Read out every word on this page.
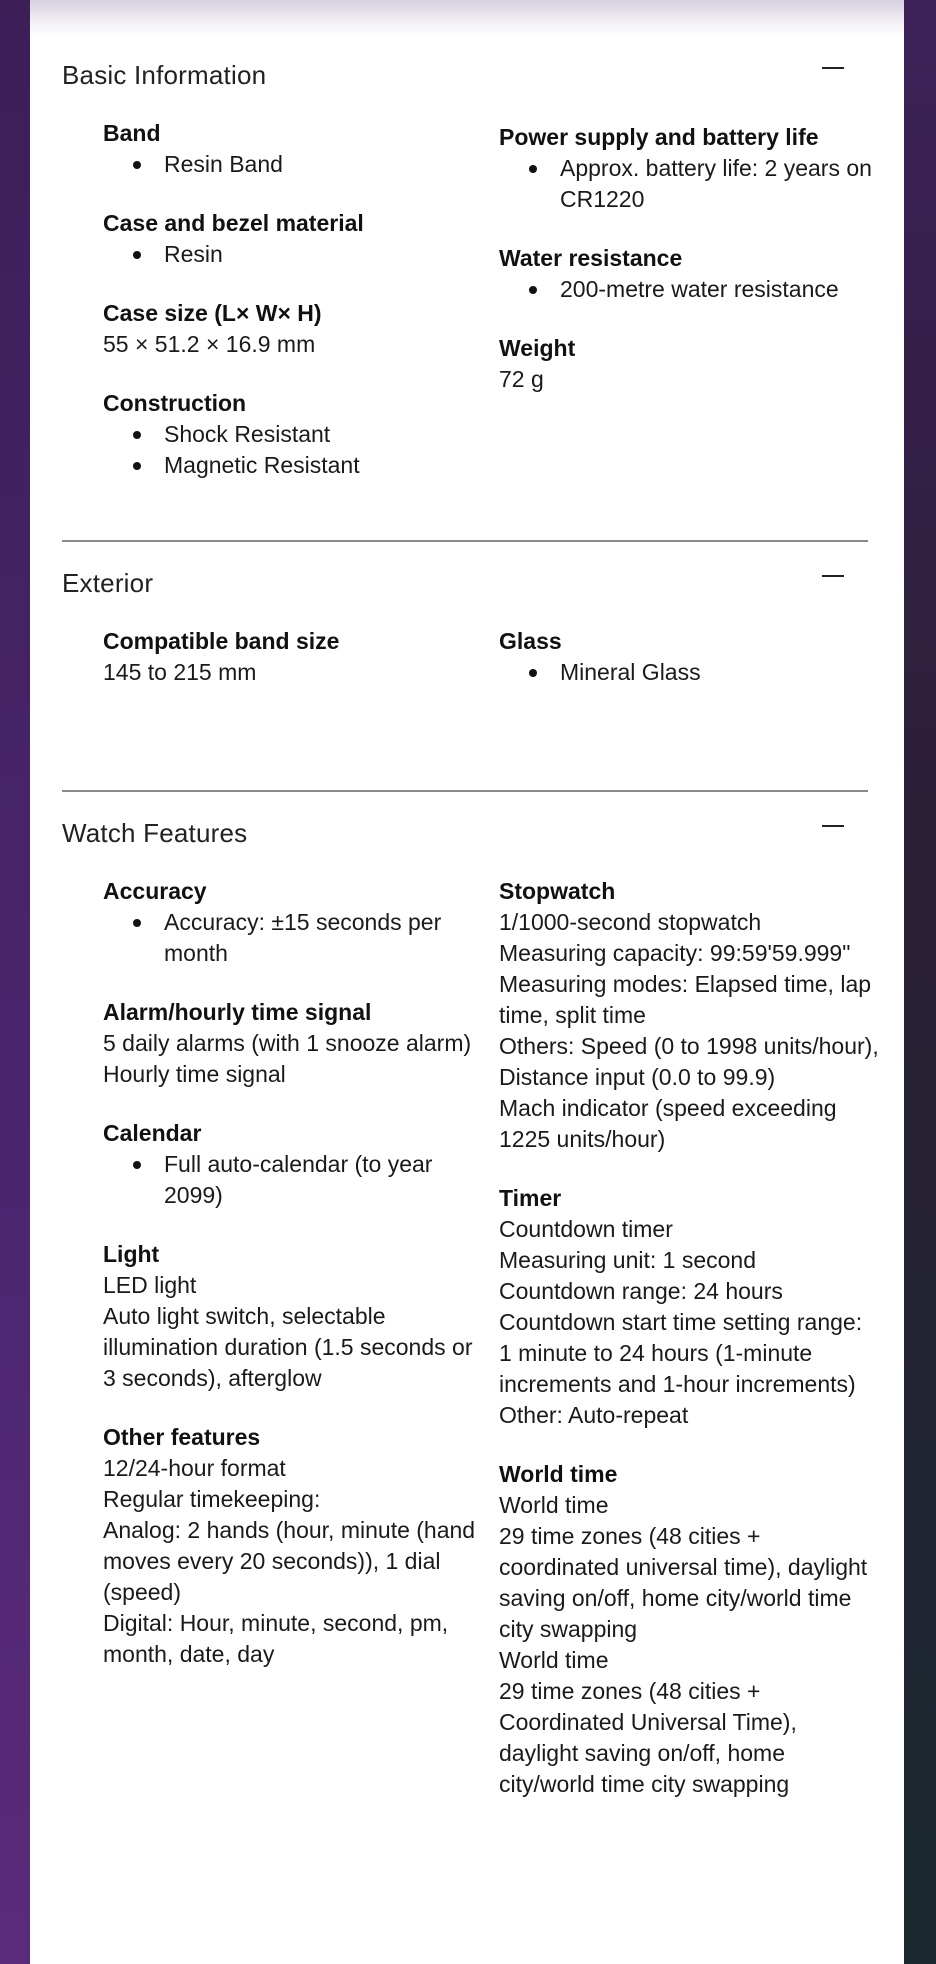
Basic Information
Band
Resin Band
Case and bezel material
Resin
Case size (L× W× H)
55 × 51.2 × 16.9 mm
Construction
Shock Resistant
Magnetic Resistant
Power supply and battery life
Approx. battery life: 2 years on CR1220
Water resistance
200-metre water resistance
Weight
72 g
Exterior
Compatible band size
145 to 215 mm
Glass
Mineral Glass
Watch Features
Accuracy
Accuracy: ±15 seconds per month
Alarm/hourly time signal
5 daily alarms (with 1 snooze alarm)
Hourly time signal
Calendar
Full auto-calendar (to year 2099)
Light
LED light
Auto light switch, selectable illumination duration (1.5 seconds or 3 seconds), afterglow
Other features
12/24-hour format
Regular timekeeping:
Analog: 2 hands (hour, minute (hand moves every 20 seconds)), 1 dial (speed)
Digital: Hour, minute, second, pm, month, date, day
Stopwatch
1/1000-second stopwatch
Measuring capacity: 99:59'59.999"
Measuring modes: Elapsed time, lap time, split time
Others: Speed (0 to 1998 units/hour), Distance input (0.0 to 99.9)
Mach indicator (speed exceeding 1225 units/hour)
Timer
Countdown timer
Measuring unit: 1 second
Countdown range: 24 hours
Countdown start time setting range: 1 minute to 24 hours (1-minute increments and 1-hour increments)
Other: Auto-repeat
World time
World time
29 time zones (48 cities + coordinated universal time), daylight saving on/off, home city/world time city swapping
World time
29 time zones (48 cities + Coordinated Universal Time), daylight saving on/off, home city/world time city swapping
